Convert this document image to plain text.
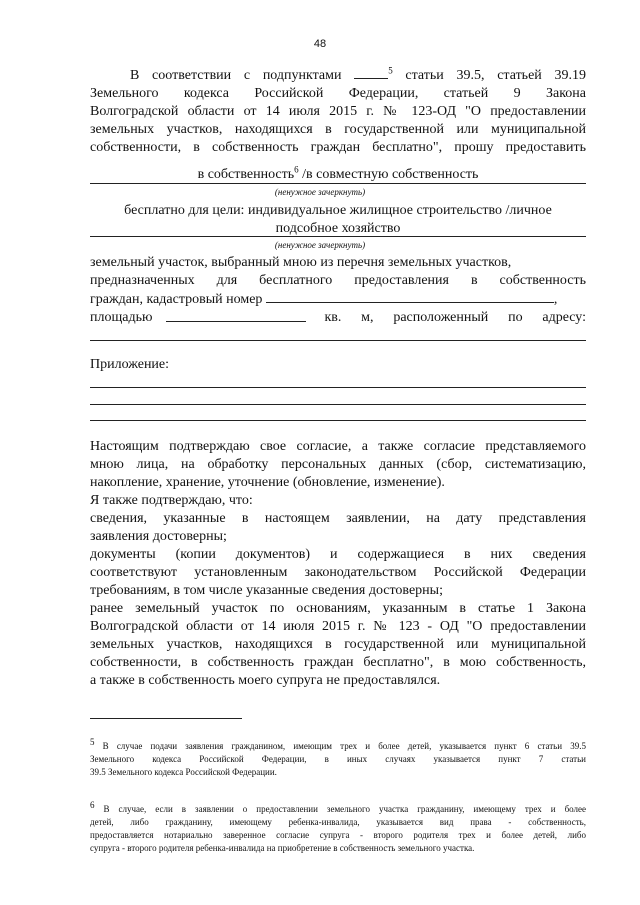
48
В соответствии с подпунктами	$^5$ статьи 39.5, статьей 39.19
Земельного кодекса Российской Федерации, статьей 9 Закона
Волгоградской области от 14 июля 2015 г. № 123-ОД "О предоставлении
земельных участков, находящихся в государственной или муниципальной
собственности, в собственность граждан бесплатно", прошу предоставить
в собственность$^6$ /в совместную собственность
(ненужное зачеркнуть)
бесплатно для цели: индивидуальное жилищное строительство /личное
подсобное хозяйство
(ненужное зачеркнуть)
земельный участок, выбранный мною из перечня земельных участков,
предназначенных для бесплатного предоставления в собственность
граждан, кадастровый номер	,
площадью	кв. м, расположенный по адресу:
Приложение:
Настоящим подтверждаю свое согласие, а также согласие представляемого
мною лица, на обработку персональных данных (сбор, систематизацию,
накопление, хранение, уточнение (обновление, изменение).
Я также подтверждаю, что:
сведения, указанные в настоящем заявлении, на дату представления
заявления достоверны;
документы (копии документов) и содержащиеся в них сведения
соответствуют установленным законодательством Российской Федерации
требованиям, в том числе указанные сведения достоверны;
ранее земельный участок по основаниям, указанным в статье 1 Закона
Волгоградской области от 14 июля 2015 г. № 123 - ОД "О предоставлении
земельных участков, находящихся в государственной или муниципальной
собственности, в собственность граждан бесплатно", в мою собственность,
а также в собственность моего супруга не предоставлялся.
$^5$ В случае подачи заявления гражданином, имеющим трех и более детей, указывается пункт 6 статьи 39.5
Земельного кодекса Российской Федерации, в иных случаях указывается пункт 7 статьи
39.5 Земельного кодекса Российской Федерации.
$^6$ В случае, если в заявлении о предоставлении земельного участка гражданину, имеющему трех и более
детей, либо гражданину, имеющему ребенка-инвалида, указывается вид права - собственность,
предоставляется нотариально заверенное согласие супруга - второго родителя трех и более детей, либо
супруга - второго родителя ребенка-инвалида на приобретение в собственность земельного участка.
